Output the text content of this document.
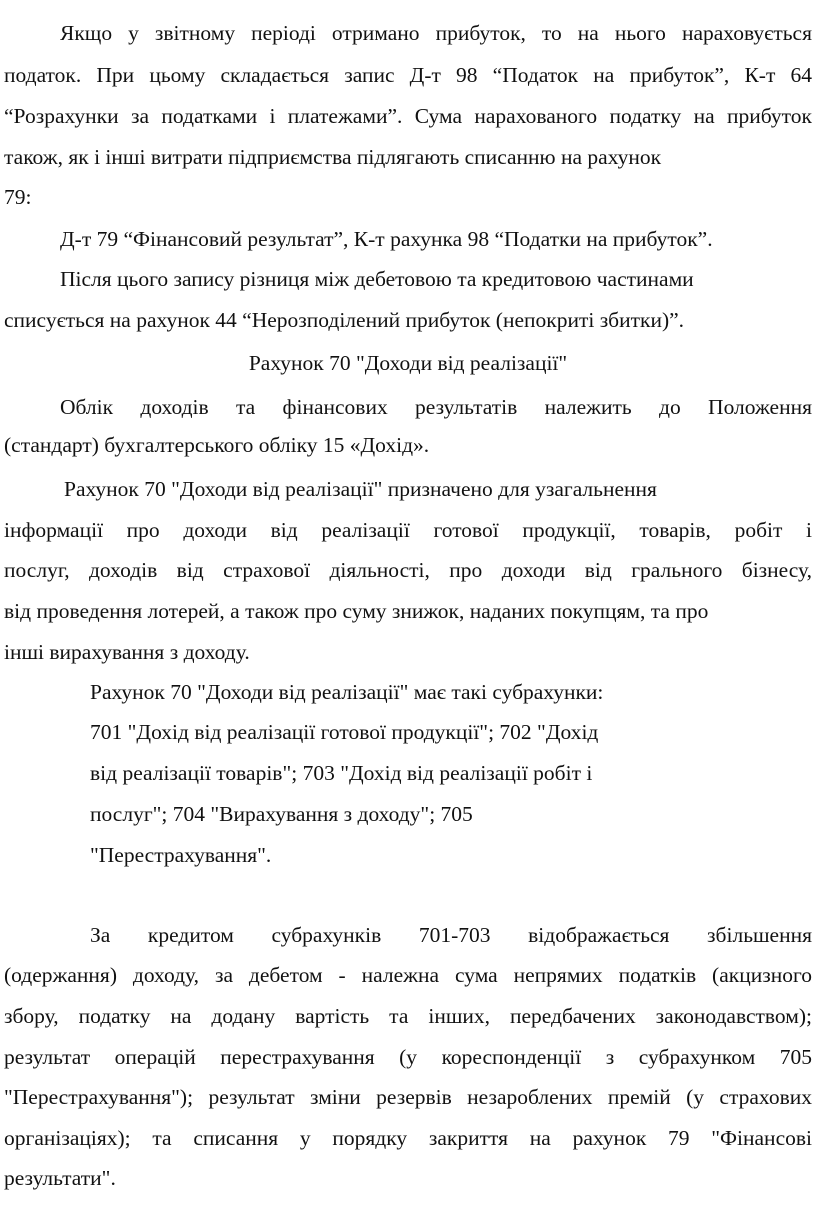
Якщо у звітному періоді отримано прибуток, то на нього нараховується
податок. При цьому складається запис Д-т 98 “Податок на прибуток”, К-т 64
“Розрахунки за податками і платежами”. Сума нарахованого податку на прибуток
також, як і інші витрати підприємства підлягають списанню на рахунок
79:
Д-т 79 “Фінансовий результат”, К-т рахунка 98 “Податки на прибуток”.
Після цього запису різниця між дебетовою та кредитовою частинами
списується на рахунок 44 “Нерозподілений прибуток (непокриті збитки)”.
Рахунок 70 "Доходи від реалізації"
Облік доходів та фінансових результатів належить до Положення
(стандарт) бухгалтерського обліку 15 «Дохід».
Рахунок 70 "Доходи від реалізації" призначено для узагальнення
інформації про доходи від реалізації готової продукції, товарів, робіт і
послуг, доходів від страхової діяльності, про доходи від грального бізнесу,
від проведення лотерей, а також про суму знижок, наданих покупцям, та про
інші вирахування з доходу.
Рахунок 70 "Доходи від реалізації" має такі субрахунки:
701 "Дохід від реалізації готової продукції"; 702 "Дохід
від реалізації товарів"; 703 "Дохід від реалізації робіт і
послуг"; 704 "Вирахування з доходу"; 705
"Перестрахування".
За кредитом субрахунків 701-703 відображається збільшення
(одержання) доходу, за дебетом - належна сума непрямих податків (акцизного
збору, податку на додану вартість та інших, передбачених законодавством);
результат операцій перестрахування (у кореспонденції з субрахунком 705
"Перестрахування"); результат зміни резервів незароблених премій (у страхових
організаціях); та списання у порядку закриття на рахунок 79 "Фінансові
результати".
